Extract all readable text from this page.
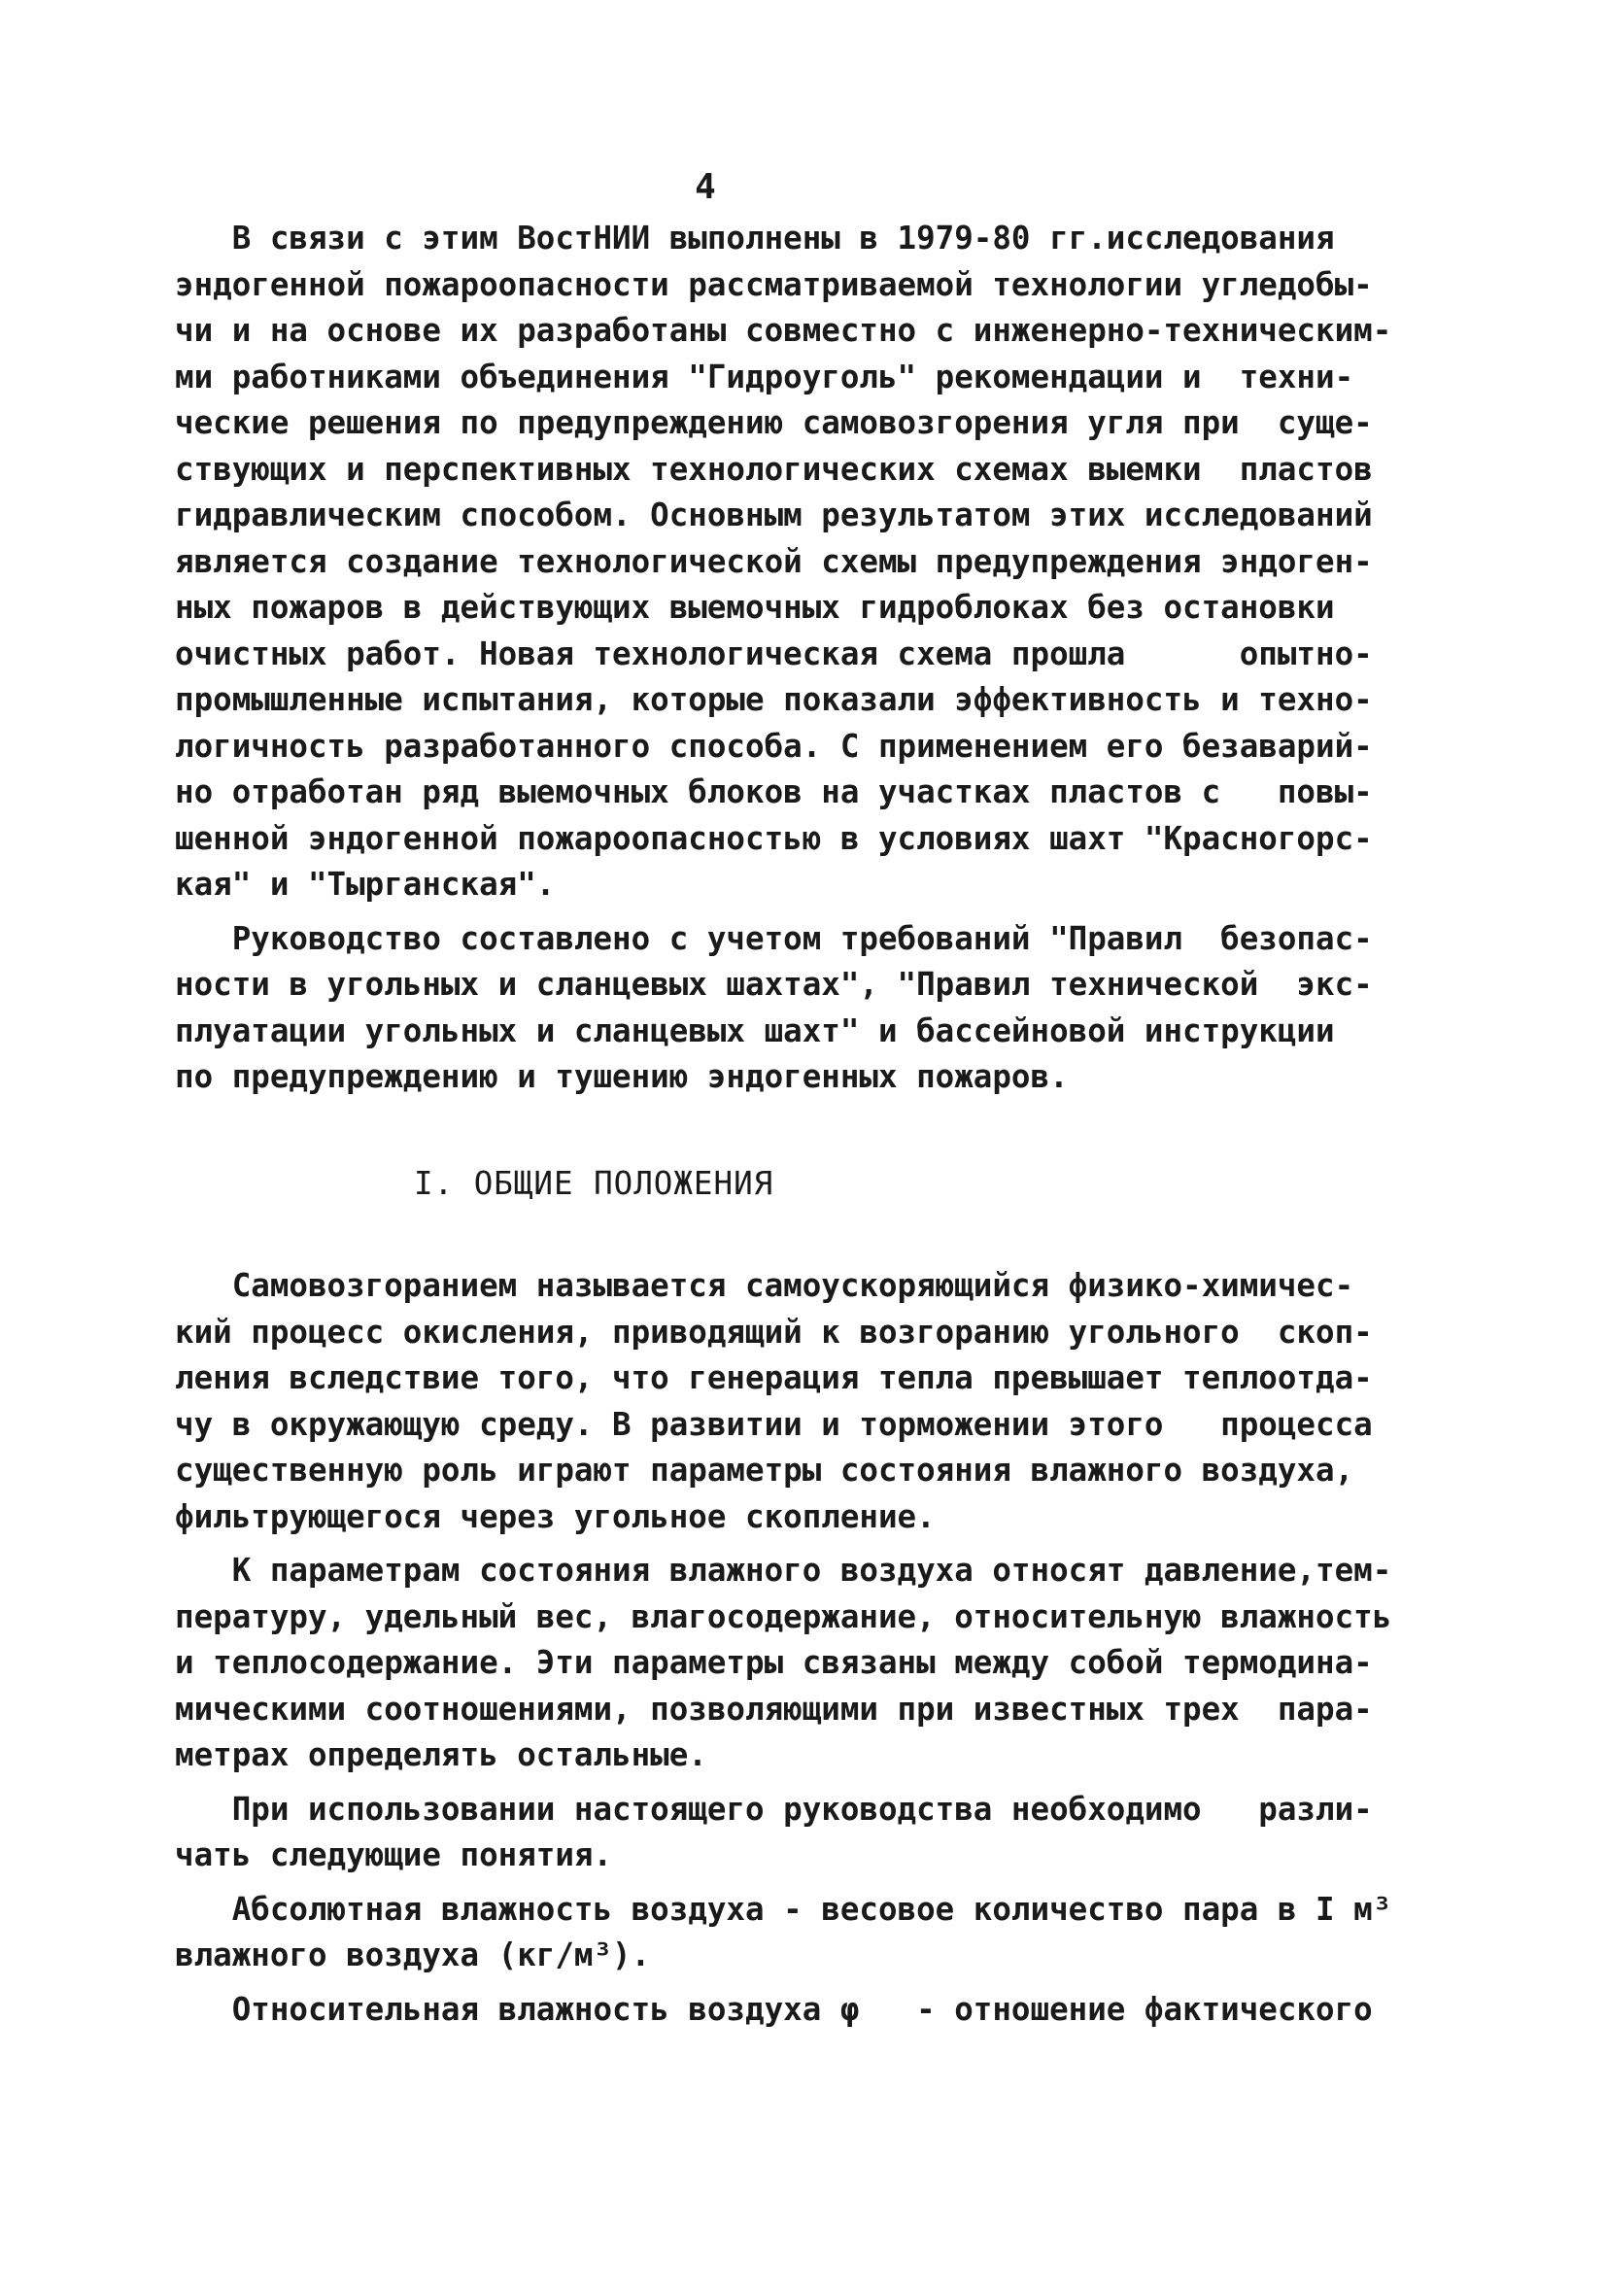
4
В связи с этим ВостНИИ выполнены в 1979-80 гг.исследования
эндогенной пожароопасности рассматриваемой технологии угледобы-
чи и на основе их разработаны совместно с инженерно-техническим-
ми работниками объединения "Гидроуголь" рекомендации и  техни-
ческие решения по предупреждению самовозгорения угля при  суще-
ствующих и перспективных технологических схемах выемки  пластов
гидравлическим способом. Основным результатом этих исследований
является создание технологической схемы предупреждения эндоген-
ных пожаров в действующих выемочных гидроблоках без остановки
очистных работ. Новая технологическая схема прошла      опытно-
промышленные испытания, которые показали эффективность и техно-
логичность разработанного способа. С применением его безаварий-
но отработан ряд выемочных блоков на участках пластов с   повы-
шенной эндогенной пожароопасностью в условиях шахт "Красногорс-
кая" и "Тырганская".
Руководство составлено с учетом требований "Правил  безопас-
ности в угольных и сланцевых шахтах", "Правил технической  экс-
плуатации угольных и сланцевых шахт" и бассейновой инструкции
по предупреждению и тушению эндогенных пожаров.
I. ОБЩИЕ ПОЛОЖЕНИЯ
Самовозгоранием называется самоускоряющийся физико-химичес-
кий процесс окисления, приводящий к возгоранию угольного  скоп-
ления вследствие того, что генерация тепла превышает теплоотда-
чу в окружающую среду. В развитии и торможении этого   процесса
существенную роль играют параметры состояния влажного воздуха,
фильтрующегося через угольное скопление.
К параметрам состояния влажного воздуха относят давление,тем-
пературу, удельный вес, влагосодержание, относительную влажность
и теплосодержание. Эти параметры связаны между собой термодина-
мическими соотношениями, позволяющими при известных трех  пара-
метрах определять остальные.
При использовании настоящего руководства необходимо   разли-
чать следующие понятия.
Абсолютная влажность воздуха - весовое количество пара в I м³
влажного воздуха (кг/м³).
Относительная влажность воздуха φ   - отношение фактического
